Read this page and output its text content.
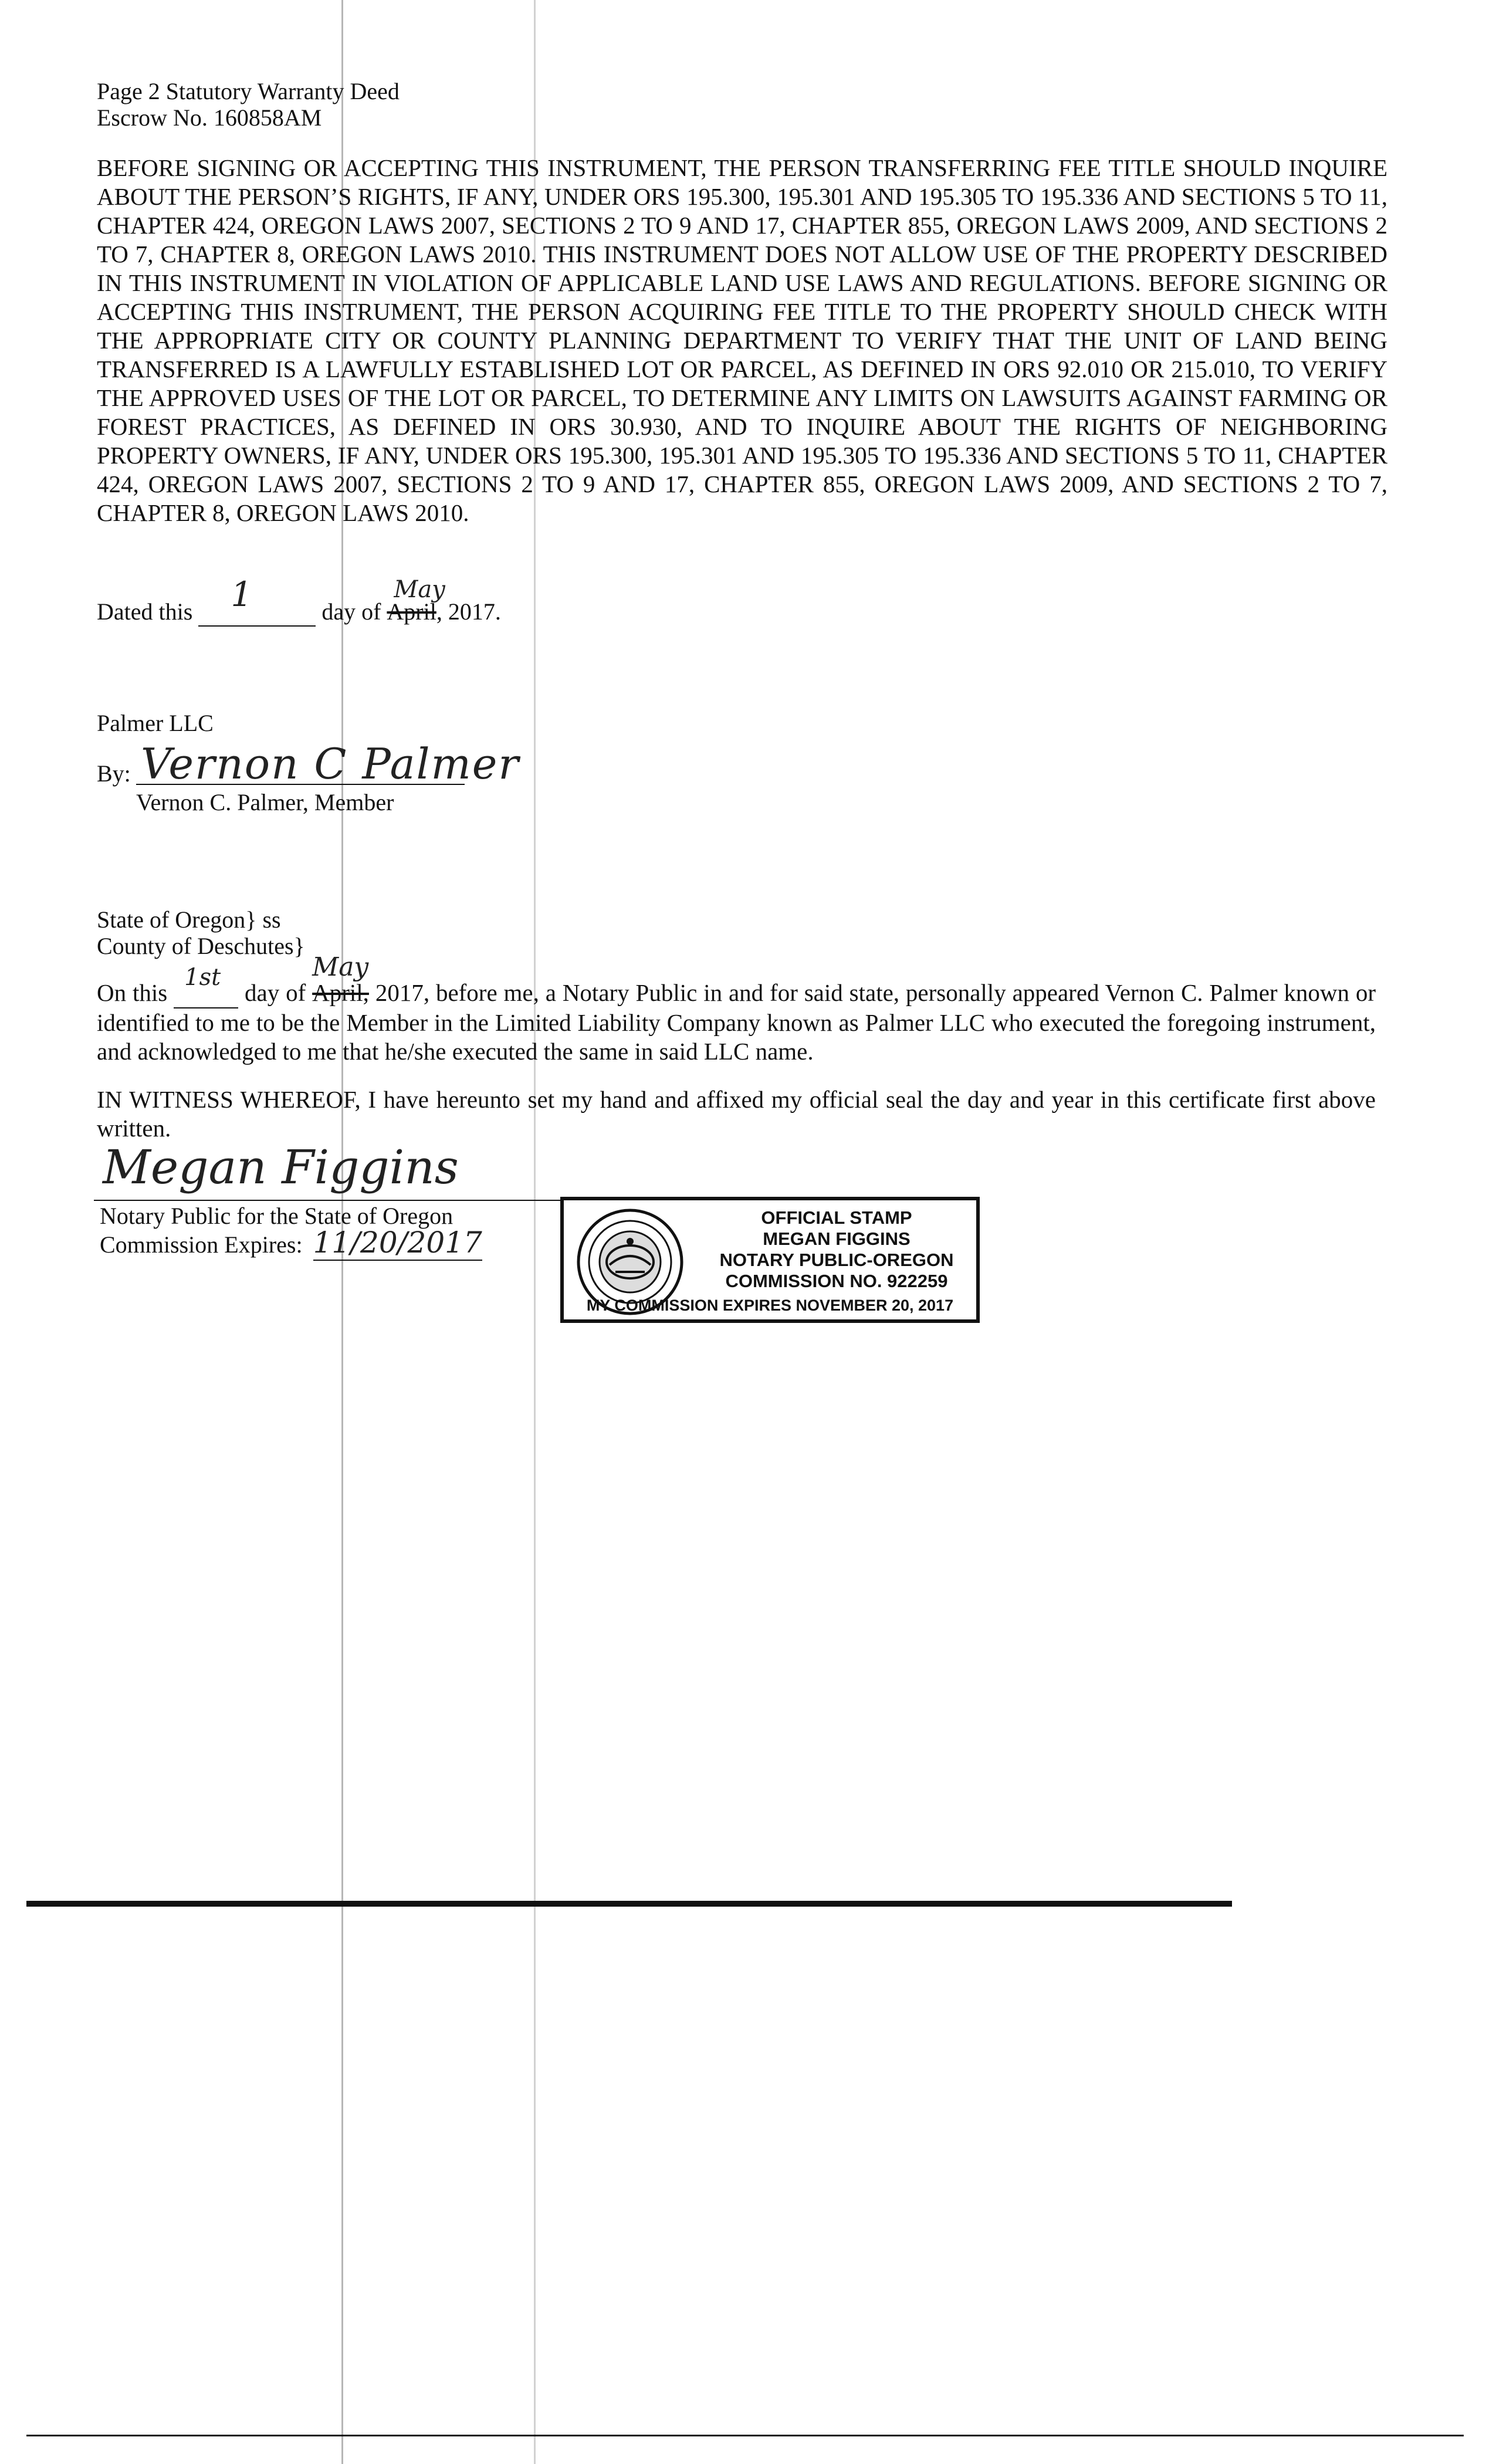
Page 2 Statutory Warranty Deed
Escrow No. 160858AM
BEFORE SIGNING OR ACCEPTING THIS INSTRUMENT, THE PERSON TRANSFERRING FEE TITLE SHOULD INQUIRE ABOUT THE PERSON’S RIGHTS, IF ANY, UNDER ORS 195.300, 195.301 AND 195.305 TO 195.336 AND SECTIONS 5 TO 11, CHAPTER 424, OREGON LAWS 2007, SECTIONS 2 TO 9 AND 17, CHAPTER 855, OREGON LAWS 2009, AND SECTIONS 2 TO 7, CHAPTER 8, OREGON LAWS 2010. THIS INSTRUMENT DOES NOT ALLOW USE OF THE PROPERTY DESCRIBED IN THIS INSTRUMENT IN VIOLATION OF APPLICABLE LAND USE LAWS AND REGULATIONS. BEFORE SIGNING OR ACCEPTING THIS INSTRUMENT, THE PERSON ACQUIRING FEE TITLE TO THE PROPERTY SHOULD CHECK WITH THE APPROPRIATE CITY OR COUNTY PLANNING DEPARTMENT TO VERIFY THAT THE UNIT OF LAND BEING TRANSFERRED IS A LAWFULLY ESTABLISHED LOT OR PARCEL, AS DEFINED IN ORS 92.010 OR 215.010, TO VERIFY THE APPROVED USES OF THE LOT OR PARCEL, TO DETERMINE ANY LIMITS ON LAWSUITS AGAINST FARMING OR FOREST PRACTICES, AS DEFINED IN ORS 30.930, AND TO INQUIRE ABOUT THE RIGHTS OF NEIGHBORING PROPERTY OWNERS, IF ANY, UNDER ORS 195.300, 195.301 AND 195.305 TO 195.336 AND SECTIONS 5 TO 11, CHAPTER 424, OREGON LAWS 2007, SECTIONS 2 TO 9 AND 17, CHAPTER 855, OREGON LAWS 2009, AND SECTIONS 2 TO 7, CHAPTER 8, OREGON LAWS 2010.
Dated this 1	day of April
May
, 2017.
Palmer LLC
By: Vernon C Palmer
Vernon C. Palmer, Member
State of Oregon} ss
County of Deschutes}
On this
1st
day of April,
May
2017, before me, a Notary Public in and for said state, personally appeared Vernon C. Palmer known or identified to me to be the Member in the Limited Liability Company known as Palmer LLC who executed the foregoing instrument, and acknowledged to me that he/she executed the same in said LLC name.
IN WITNESS WHEREOF, I have hereunto set my hand and affixed my official seal the day and year in this certificate first above written.
Megan Figgins
Notary Public for the State of Oregon
Commission Expires: 11/20/2017
OFFICIAL STAMP
MEGAN FIGGINS
NOTARY PUBLIC-OREGON
COMMISSION NO. 922259
MY COMMISSION EXPIRES NOVEMBER 20, 2017
